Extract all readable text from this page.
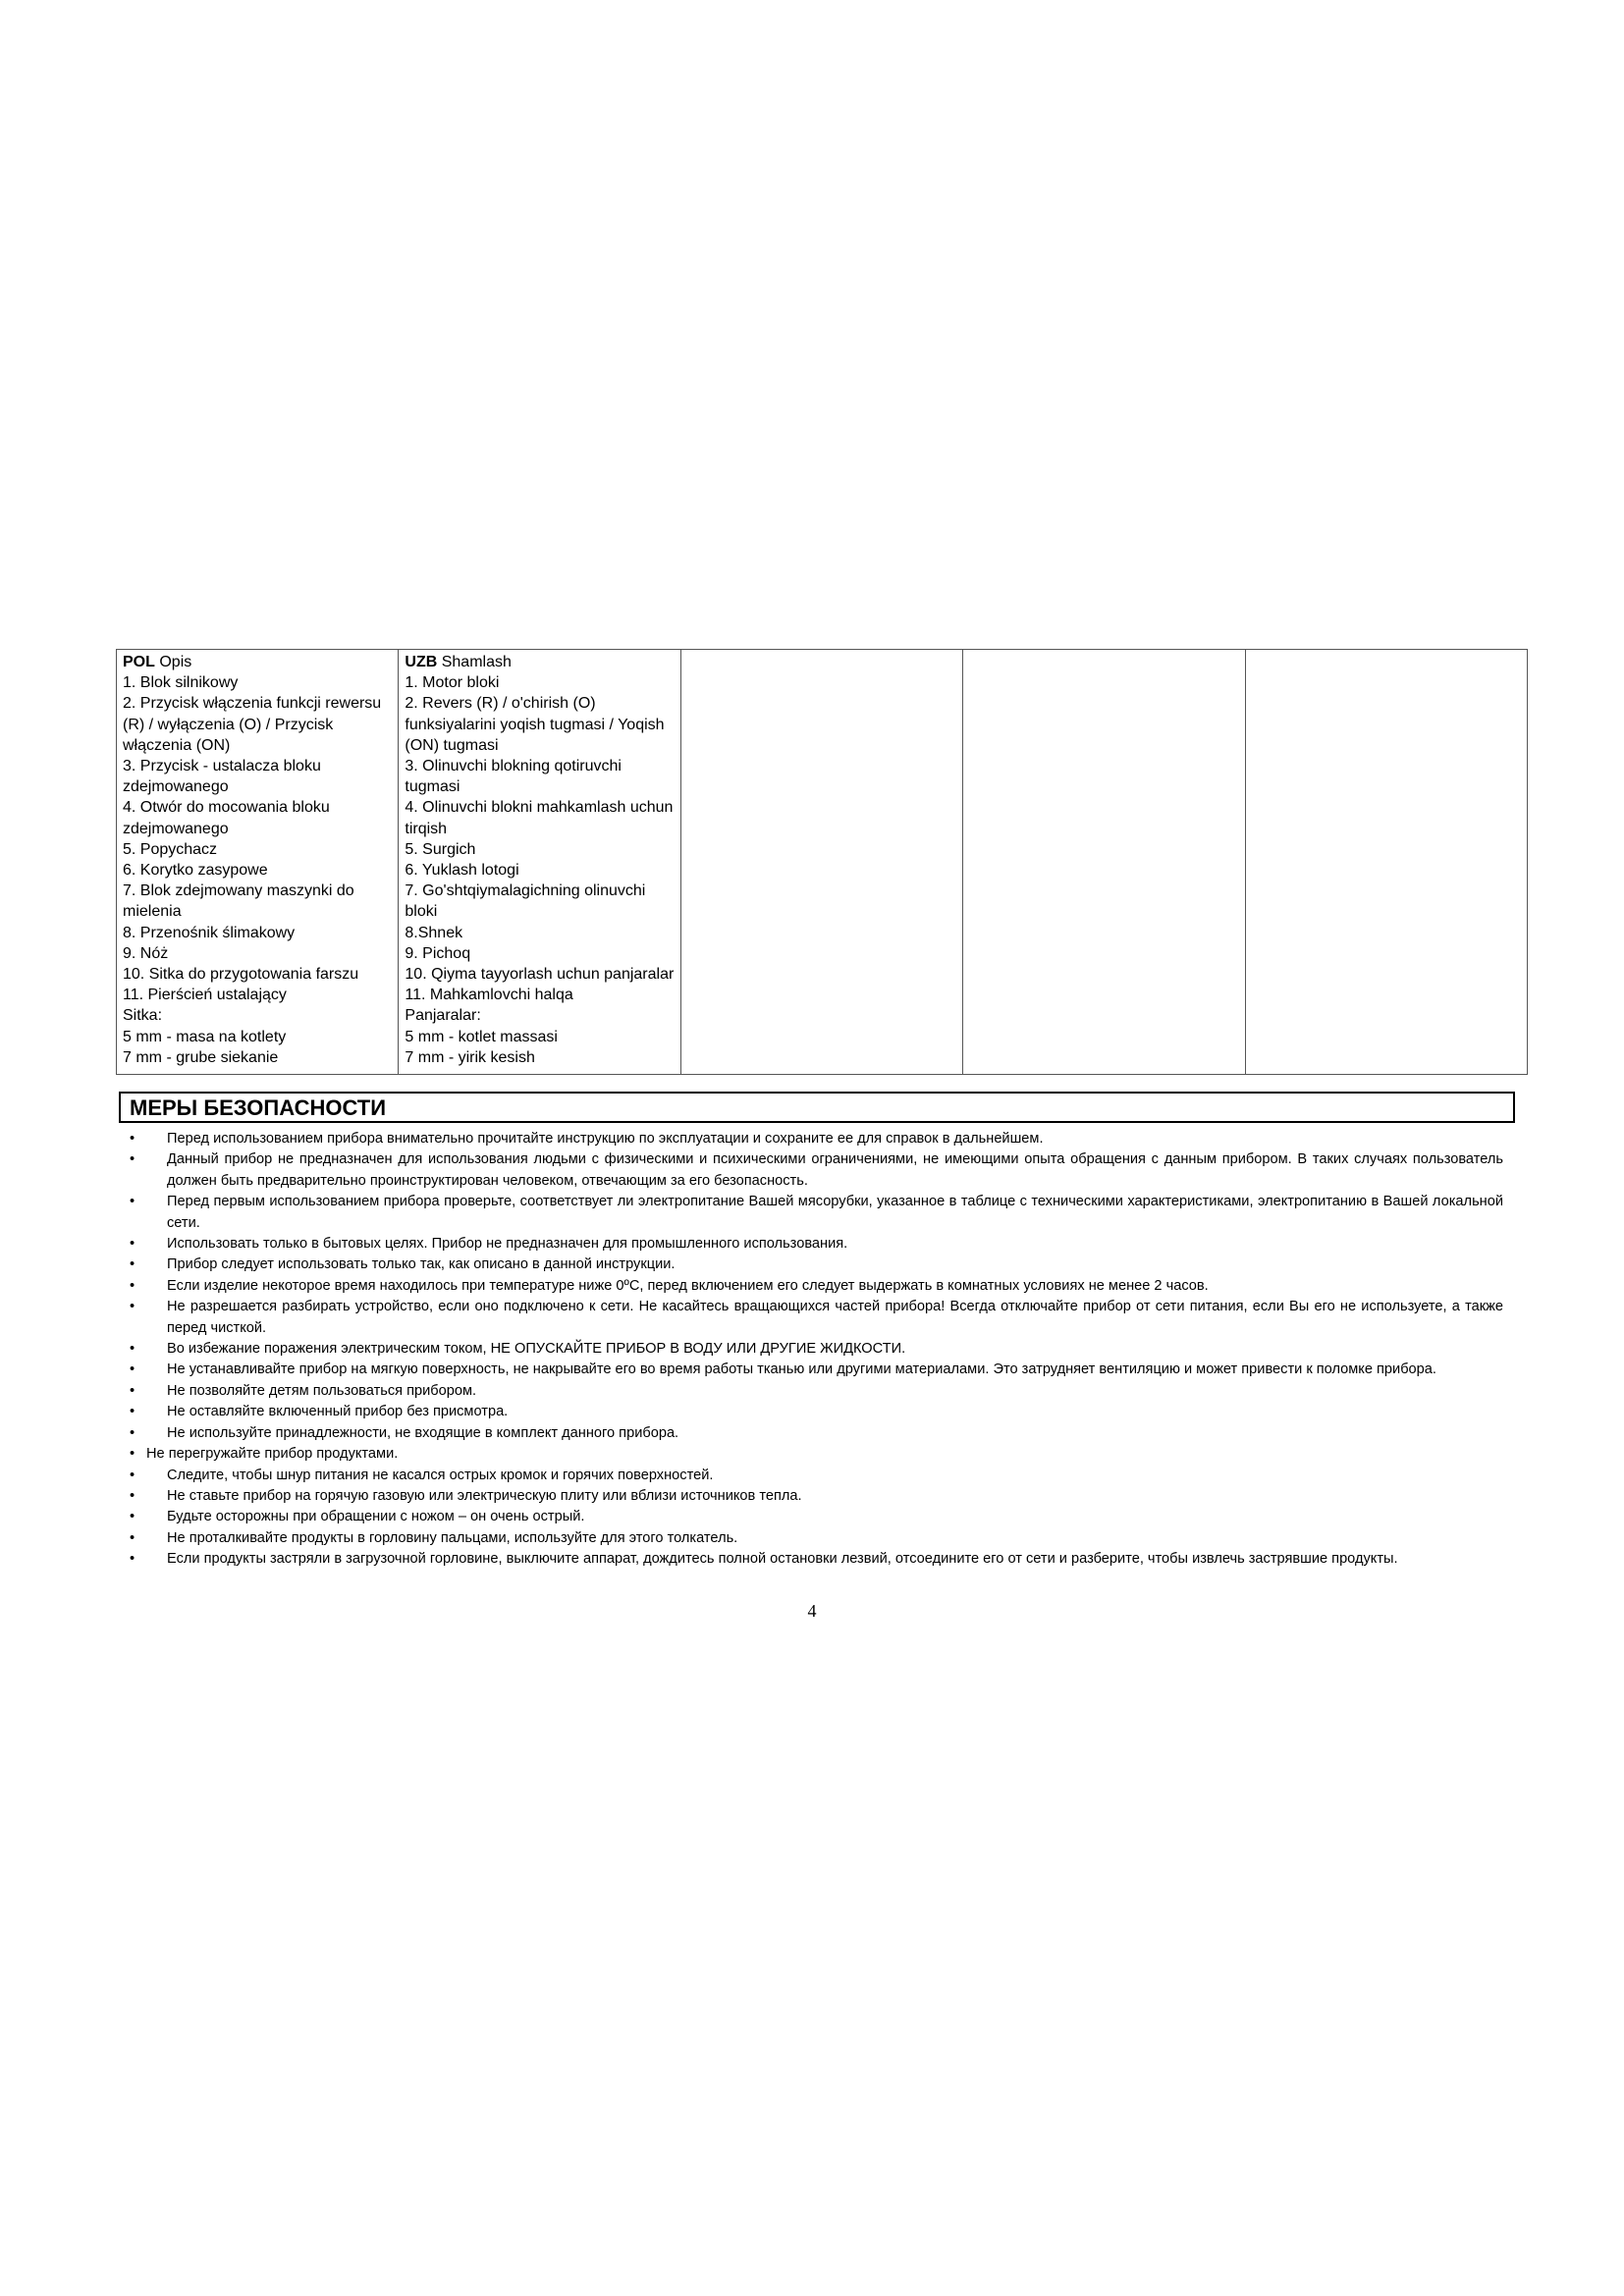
POL Opis
1. Blok silnikowy
2. Przycisk włączenia funkcji rewersu
(R) / wyłączenia (O) / Przycisk
włączenia (ON)
3. Przycisk - ustalacza bloku
zdejmowanego
4. Otwór do mocowania bloku
zdejmowanego
5. Popychacz
6. Korytko zasypowe
7. Blok zdejmowany maszynki do
mielenia
8. Przenośnik ślimakowy
9. Nóż
10. Sitka do przygotowania farszu
11. Pierścień ustalający
Sitka:
5 mm - masa na kotlety
7 mm - grube siekanie

UZB Shamlash
1. Motor bloki
2. Revers (R) / o'chirish (O)
funksiyalarini yoqish tugmasi / Yoqish
(ON) tugmasi
3. Olinuvchi blokning qotiruvchi tugmasi
4. Olinuvchi blokni mahkamlash uchun
tirqish
5. Surgich
6. Yuklash lotogi
7. Go'shtqiymalagichning olinuvchi bloki
8.Shnek
9. Pichoq
10. Qiyma tayyorlash uchun panjaralar
11. Mahkamlovchi halqa
Panjaralar:
5 mm - kotlet massasi
7 mm - yirik kesish

МЕРЫ БЕЗОПАСНОСТИ
• Перед использованием прибора внимательно прочитайте инструкцию по эксплуатации и сохраните ее для справок в дальнейшем.
• Данный прибор не предназначен для использования людьми с физическими и психическими ограничениями, не имеющими опыта обращения с данным прибором. В таких случаях пользователь должен быть предварительно проинструктирован человеком, отвечающим за его безопасность.
• Перед первым использованием прибора проверьте, соответствует ли электропитание Вашей мясорубки, указанное в таблице с техническими характеристиками, электропитанию в Вашей локальной сети.
• Использовать только в бытовых целях. Прибор не предназначен для промышленного использования.
• Прибор следует использовать только так, как описано в данной инструкции.
• Если изделие некоторое время находилось при температуре ниже 0ºC, перед включением его следует выдержать в комнатных условиях не менее 2 часов.
• Не разрешается разбирать устройство, если оно подключено к сети. Не касайтесь вращающихся частей прибора! Всегда отключайте прибор от сети питания, если Вы его не используете, а также перед чисткой.
• Во избежание поражения электрическим током, НЕ ОПУСКАЙТЕ ПРИБОР В ВОДУ ИЛИ ДРУГИЕ ЖИДКОСТИ.
• Не устанавливайте прибор на мягкую поверхность, не накрывайте его во время работы тканью или другими материалами. Это затрудняет вентиляцию и может привести к поломке прибора.
• Не позволяйте детям пользоваться прибором.
• Не оставляйте включенный прибор без присмотра.
• Не используйте принадлежности, не входящие в комплект данного прибора.
• Не перегружайте прибор продуктами.
• Следите, чтобы шнур питания не касался острых кромок и горячих поверхностей.
• Не ставьте прибор на горячую газовую или электрическую плиту или вблизи источников тепла.
• Будьте осторожны при обращении с ножом – он очень острый.
• Не проталкивайте продукты в горловину пальцами, используйте для этого толкатель.
• Если продукты застряли в загрузочной горловине, выключите аппарат, дождитесь полной остановки лезвий, отсоедините его от сети и разберите, чтобы извлечь застрявшие продукты.
4
